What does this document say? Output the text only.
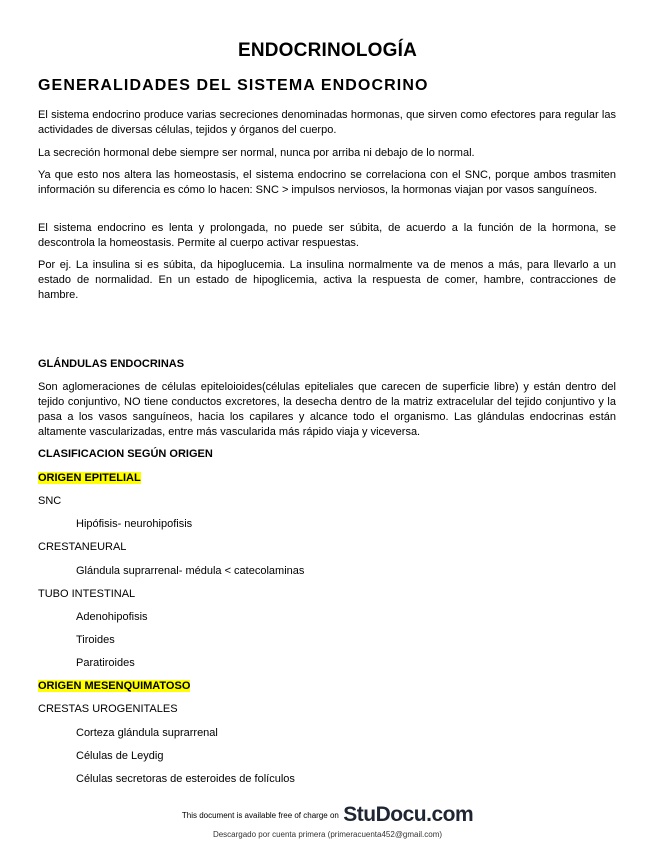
ENDOCRINOLOGÍA
GENERALIDADES DEL SISTEMA ENDOCRINO
El sistema endocrino produce varias secreciones denominadas hormonas, que sirven como efectores para regular las actividades de diversas células, tejidos y órganos del cuerpo.
La secreción hormonal debe siempre ser normal, nunca por arriba ni debajo de lo normal.
Ya que esto nos altera las homeostasis, el sistema endocrino se correlaciona con el SNC, porque ambos trasmiten información su diferencia es cómo lo hacen: SNC > impulsos nerviosos, la hormonas viajan por vasos sanguíneos.
El sistema endocrino es lenta y prolongada, no puede ser súbita, de acuerdo a la función de la hormona, se descontrola la homeostasis. Permite al cuerpo activar respuestas.
Por ej. La insulina si es súbita, da hipoglucemia. La insulina normalmente va de menos a más, para llevarlo a un estado de normalidad. En un estado de hipoglicemia, activa la respuesta de comer, hambre, contracciones de hambre.
GLÁNDULAS ENDOCRINAS
Son aglomeraciones de células epiteloioides(células epiteliales que carecen de superficie libre) y están dentro del tejido conjuntivo, NO tiene conductos excretores, la desecha dentro de la matriz extracelular del tejido conjuntivo y la pasa a los vasos sanguíneos, hacia los capilares y alcance todo el organismo. Las glándulas endocrinas están altamente vascularizadas, entre más vascularida más rápido viaja y viceversa.
CLASIFICACION SEGÚN ORIGEN
ORIGEN EPITELIAL
SNC
Hipófisis- neurohipofisis
CRESTANEURAL
Glándula suprarrenal- médula < catecolaminas
TUBO INTESTINAL
Adenohipofisis
Tiroides
Paratiroides
ORIGEN MESENQUIMATOSO
CRESTAS UROGENITALES
Corteza glándula suprarrenal
Células de Leydig
Células secretoras de esteroides de folículos
This document is available free of charge on StuDocu.com
Descargado por cuenta primera (primeracuenta452@gmail.com)
